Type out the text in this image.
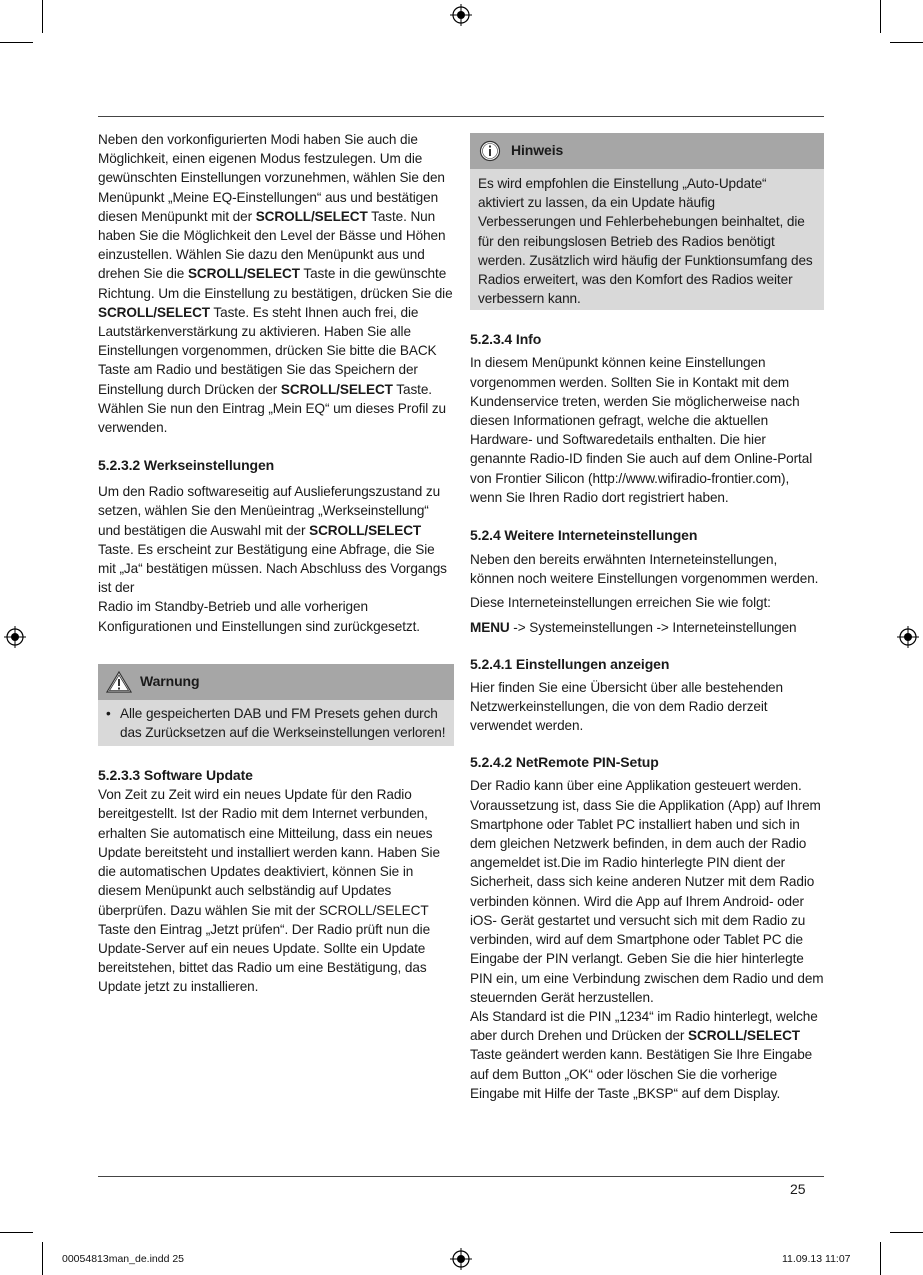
Neben den vorkonfigurierten Modi haben Sie auch die Möglichkeit, einen eigenen Modus festzulegen. Um die gewünschten Einstellungen vorzunehmen, wählen Sie den Menüpunkt „Meine EQ-Einstellungen“ aus und bestätigen diesen Menüpunkt mit der SCROLL/SELECT Taste. Nun haben Sie die Möglichkeit den Level der Bässe und Höhen einzustellen. Wählen Sie dazu den Menüpunkt aus und drehen Sie die SCROLL/SELECT Taste in die gewünschte Richtung. Um die Einstellung zu bestätigen, drücken Sie die SCROLL/SELECT Taste. Es steht Ihnen auch frei, die Lautstärkenverstärkung zu aktivieren. Haben Sie alle Einstellungen vorgenommen, drücken Sie bitte die BACK Taste am Radio und bestätigen Sie das Speichern der Einstellung durch Drücken der SCROLL/SELECT Taste. Wählen Sie nun den Eintrag „Mein EQ“ um dieses Profil zu verwenden.

5.2.3.2 Werkseinstellungen

Um den Radio softwareseitig auf Auslieferungszustand zu setzen, wählen Sie den Menüeintrag „Werkseinstellung“ und bestätigen die Auswahl mit der SCROLL/SELECT Taste. Es erscheint zur Bestätigung eine Abfrage, die Sie mit „Ja“ bestätigen müssen. Nach Abschluss des Vorgangs ist der
Radio im Standby-Betrieb und alle vorherigen Konfigurationen und Einstellungen sind zurückgesetzt.

Warnung
• Alle gespeicherten DAB und FM Presets gehen durch das Zurücksetzen auf die Werkseinstellungen verloren!
5.2.3.3 Software Update

Von Zeit zu Zeit wird ein neues Update für den Radio bereitgestellt. Ist der Radio mit dem Internet verbunden, erhalten Sie automatisch eine Mitteilung, dass ein neues Update bereitsteht und installiert werden kann. Haben Sie die automatischen Updates deaktiviert, können Sie in diesem Menüpunkt auch selbständig auf Updates überprüfen. Dazu wählen Sie mit der SCROLL/SELECT Taste den Eintrag „Jetzt prüfen“. Der Radio prüft nun die Update-Server auf ein neues Update. Sollte ein Update bereitstehen, bittet das Radio um eine Bestätigung, das Update jetzt zu installieren.

Hinweis
Es wird empfohlen die Einstellung „Auto-Update“ aktiviert zu lassen, da ein Update häufig Verbesserungen und Fehlerbehebungen beinhaltet, die für den reibungslosen Betrieb des Radios benötigt werden. Zusätzlich wird häufig der Funktionsumfang des Radios erweitert, was den Komfort des Radios weiter verbessern kann.
5.2.3.4 Info

In diesem Menüpunkt können keine Einstellungen vorgenommen werden. Sollten Sie in Kontakt mit dem Kundenservice treten, werden Sie möglicherweise nach diesen Informationen gefragt, welche die aktuellen Hardware- und Softwaredetails enthalten. Die hier genannte Radio-ID finden Sie auch auf dem Online-Portal von Frontier Silicon (http://www.wifiradio-frontier.com), wenn Sie Ihren Radio dort registriert haben.

5.2.4 Weitere Interneteinstellungen

Neben den bereits erwähnten Interneteinstellungen, können noch weitere Einstellungen vorgenommen werden.

Diese Interneteinstellungen erreichen Sie wie folgt:

MENU -> Systemeinstellungen -> Interneteinstellungen

5.2.4.1 Einstellungen anzeigen

Hier finden Sie eine Übersicht über alle bestehenden Netzwerkeinstellungen, die von dem Radio derzeit verwendet werden.

5.2.4.2 NetRemote PIN-Setup

Der Radio kann über eine Applikation gesteuert werden. Voraussetzung ist, dass Sie die Applikation (App) auf Ihrem Smartphone oder Tablet PC installiert haben und sich in dem gleichen Netzwerk befinden, in dem auch der Radio angemeldet ist.Die im Radio hinterlegte PIN dient der Sicherheit, dass sich keine anderen Nutzer mit dem Radio verbinden können. Wird die App auf Ihrem Android- oder iOS- Gerät gestartet und versucht sich mit dem Radio zu verbinden, wird auf dem Smartphone oder Tablet PC die Eingabe der PIN verlangt. Geben Sie die hier hinterlegte PIN ein, um eine Verbindung zwischen dem Radio und dem steuernden Gerät herzustellen.
Als Standard ist die PIN „1234“ im Radio hinterlegt, welche aber durch Drehen und Drücken der SCROLL/SELECT Taste geändert werden kann. Bestätigen Sie Ihre Eingabe auf dem Button „OK“ oder löschen Sie die vorherige Eingabe mit Hilfe der Taste „BKSP“ auf dem Display.

25
00054813man_de.indd 25	11.09.13 11:07
